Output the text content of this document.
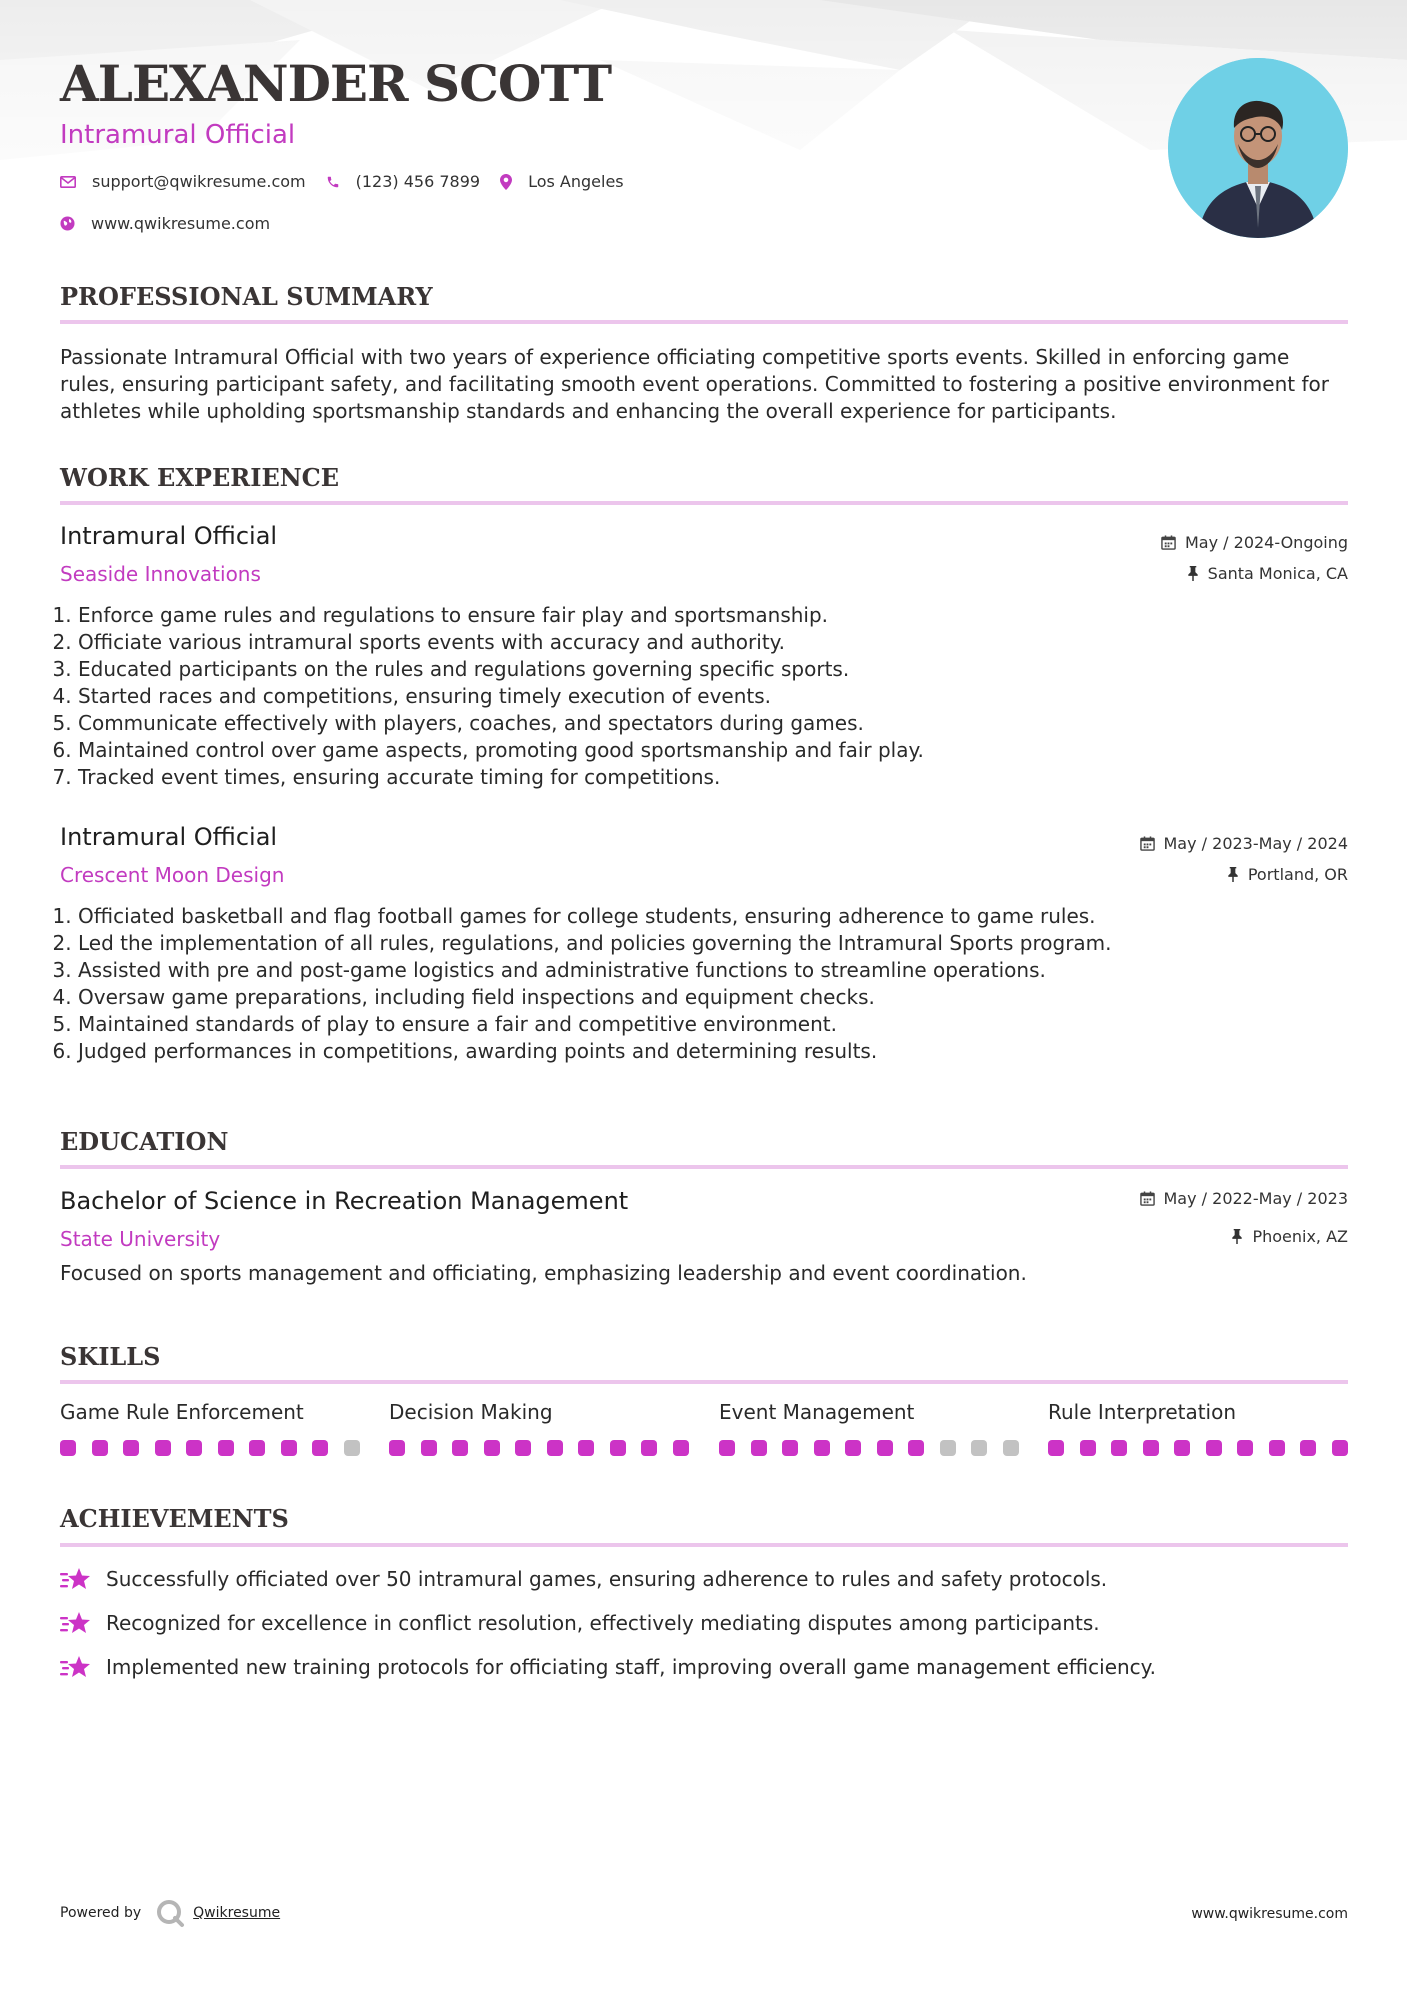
ALEXANDER SCOTT
Intramural Official
support@qwikresume.com	(123) 456 7899	Los Angeles
www.qwikresume.com
PROFESSIONAL SUMMARY

Passionate Intramural Official with two years of experience officiating competitive sports events. Skilled in enforcing game rules, ensuring participant safety, and facilitating smooth event operations. Committed to fostering a positive environment for athletes while upholding sportsmanship standards and enhancing the overall experience for participants.

WORK EXPERIENCE
Intramural Official
Seaside Innovations
May / 2024-Ongoing
Santa Monica, CA
1. Enforce game rules and regulations to ensure fair play and sportsmanship.
2. Officiate various intramural sports events with accuracy and authority.
3. Educated participants on the rules and regulations governing specific sports.
4. Started races and competitions, ensuring timely execution of events.
5. Communicate effectively with players, coaches, and spectators during games.
6. Maintained control over game aspects, promoting good sportsmanship and fair play.
7. Tracked event times, ensuring accurate timing for competitions.
Intramural Official
Crescent Moon Design
May / 2023-May / 2024
Portland, OR
1. Officiated basketball and flag football games for college students, ensuring adherence to game rules.
2. Led the implementation of all rules, regulations, and policies governing the Intramural Sports program.
3. Assisted with pre and post-game logistics and administrative functions to streamline operations.
4. Oversaw game preparations, including field inspections and equipment checks.
5. Maintained standards of play to ensure a fair and competitive environment.
6. Judged performances in competitions, awarding points and determining results.
EDUCATION
Bachelor of Science in Recreation Management
State University
May / 2022-May / 2023
Phoenix, AZ
Focused on sports management and officiating, emphasizing leadership and event coordination.
SKILLS
Game Rule Enforcement	Decision Making	Event Management	Rule Interpretation
ACHIEVEMENTS
Successfully officiated over 50 intramural games, ensuring adherence to rules and safety protocols.
Recognized for excellence in conflict resolution, effectively mediating disputes among participants.
Implemented new training protocols for officiating staff, improving overall game management efficiency.
Powered by	Qwikresume	www.qwikresume.com
